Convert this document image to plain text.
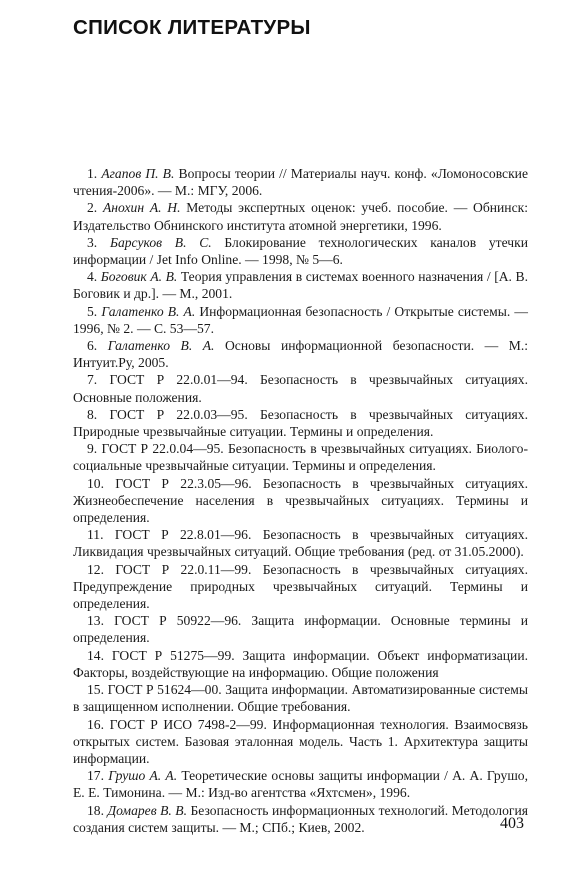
СПИСОК ЛИТЕРАТУРЫ

1. Агапов П. В. Вопросы теории // Материалы науч. конф. «Ломоносовские чтения-2006». — М.: МГУ, 2006.

2. Анохин А. Н. Методы экспертных оценок: учеб. пособие. — Обнинск: Издательство Обнинского института атомной энергетики, 1996.

3. Барсуков В. С. Блокирование технологических каналов утечки информации / Jet Info Online. — 1998, № 5—6.

4. Боговик А. В. Теория управления в системах военного назначения / [А. В. Боговик и др.]. — М., 2001.

5. Галатенко В. А. Информационная безопасность / Открытые системы. — 1996, № 2. — С. 53—57.

6. Галатенко В. А. Основы информационной безопасности. — М.: Интуит.Ру, 2005.

7. ГОСТ Р 22.0.01—94. Безопасность в чрезвычайных ситуациях. Основные положения.

8. ГОСТ Р 22.0.03—95. Безопасность в чрезвычайных ситуациях. Природные чрезвычайные ситуации. Термины и определения.

9. ГОСТ Р 22.0.04—95. Безопасность в чрезвычайных ситуациях. Биолого-социальные чрезвычайные ситуации. Термины и определения.

10. ГОСТ Р 22.3.05—96. Безопасность в чрезвычайных ситуациях. Жизнеобеспечение населения в чрезвычайных ситуациях. Термины и определения.

11. ГОСТ Р 22.8.01—96. Безопасность в чрезвычайных ситуациях. Ликвидация чрезвычайных ситуаций. Общие требования (ред. от 31.05.2000).

12. ГОСТ Р 22.0.11—99. Безопасность в чрезвычайных ситуациях. Предупреждение природных чрезвычайных ситуаций. Термины и определения.

13. ГОСТ Р 50922—96. Защита информации. Основные термины и определения.

14. ГОСТ Р 51275—99. Защита информации. Объект информатизации. Факторы, воздействующие на информацию. Общие положения

15. ГОСТ Р 51624—00. Защита информации. Автоматизированные системы в защищенном исполнении. Общие требования.

16. ГОСТ Р ИСО 7498-2—99. Информационная технология. Взаимосвязь открытых систем. Базовая эталонная модель. Часть 1. Архитектура защиты информации.

17. Грушо А. А. Теоретические основы защиты информации / А. А. Грушо, Е. Е. Тимонина. — М.: Изд-во агентства «Яхтсмен», 1996.

18. Домарев В. В. Безопасность информационных технологий. Методология создания систем защиты. — М.; СПб.; Киев, 2002.	403
